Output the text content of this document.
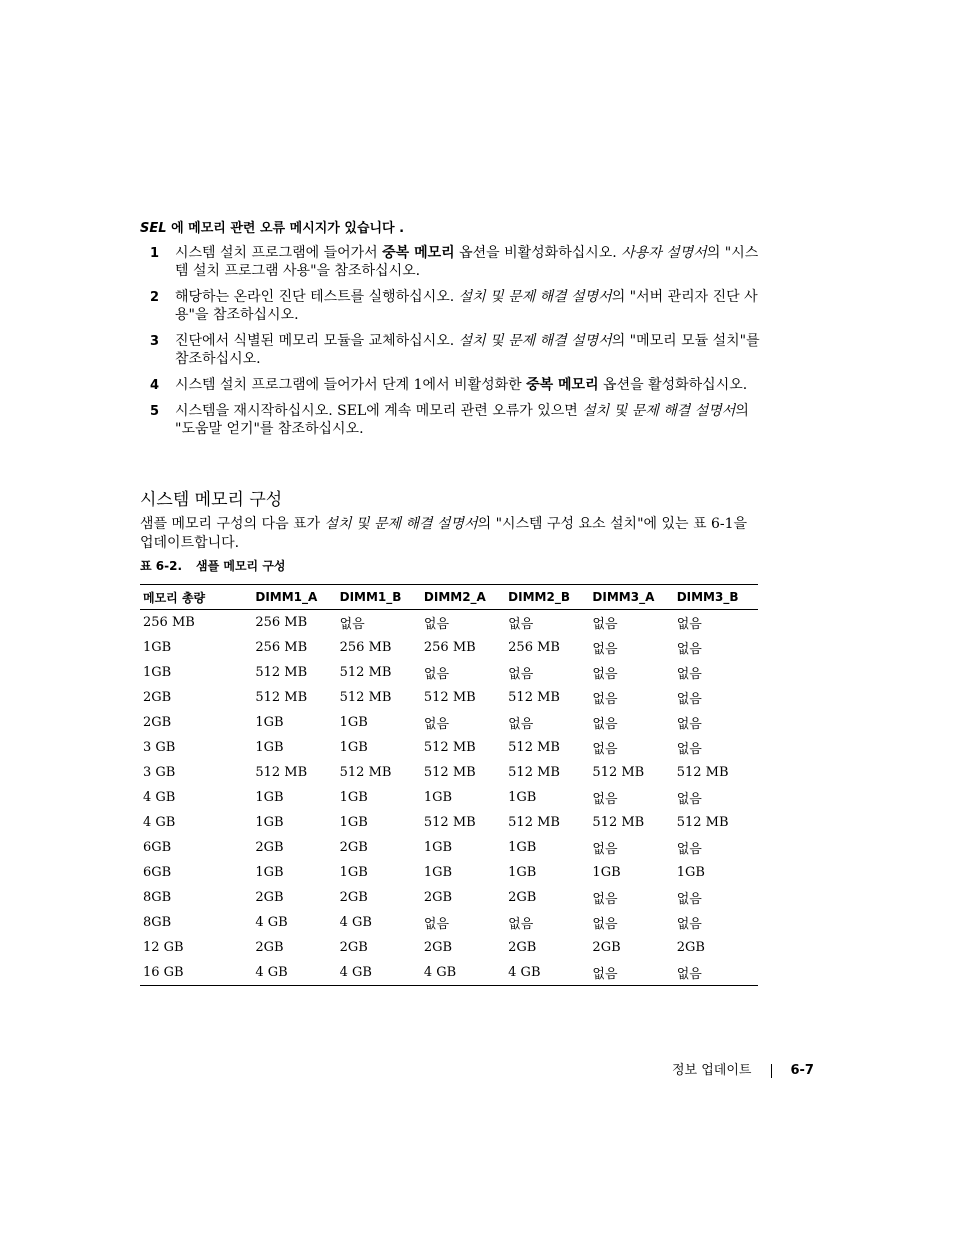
SEL 에 메모리 관련 오류 메시지가 있습니다 .
1 시스템 설치 프로그램에 들어가서 중복 메모리 옵션을 비활성화하십시오. 사용자 설명서의 "시스템 설치 프로그램 사용"을 참조하십시오.
2 해당하는 온라인 진단 테스트를 실행하십시오. 설치 및 문제 해결 설명서의 "서버 관리자 진단 사용"을 참조하십시오.
3 진단에서 식별된 메모리 모듈을 교체하십시오. 설치 및 문제 해결 설명서의 "메모리 모듈 설치"를 참조하십시오.
4 시스템 설치 프로그램에 들어가서 단계 1에서 비활성화한 중복 메모리 옵션을 활성화하십시오.
5 시스템을 재시작하십시오. SEL에 계속 메모리 관련 오류가 있으면 설치 및 문제 해결 설명서의 "도움말 얻기"를 참조하십시오.
시스템 메모리 구성

샘플 메모리 구성의 다음 표가 설치 및 문제 해결 설명서의 "시스템 구성 요소 설치"에 있는 표 6-1을 업데이트합니다.

표 6-2. 샘플 메모리 구성
메모리 총량	DIMM1_A	DIMM1_B	DIMM2_A	DIMM2_B	DIMM3_A	DIMM3_B
256 MB	256 MB	없음	없음	없음	없음	없음
1GB	256 MB	256 MB	256 MB	256 MB	없음	없음
1GB	512 MB	512 MB	없음	없음	없음	없음
2GB	512 MB	512 MB	512 MB	512 MB	없음	없음
2GB	1GB	1GB	없음	없음	없음	없음
3 GB	1GB	1GB	512 MB	512 MB	없음	없음
3 GB	512 MB	512 MB	512 MB	512 MB	512 MB	512 MB
4 GB	1GB	1GB	1GB	1GB	없음	없음
4 GB	1GB	1GB	512 MB	512 MB	512 MB	512 MB
6GB	2GB	2GB	1GB	1GB	없음	없음
6GB	1GB	1GB	1GB	1GB	1GB	1GB
8GB	2GB	2GB	2GB	2GB	없음	없음
8GB	4 GB	4 GB	없음	없음	없음	없음
12 GB	2GB	2GB	2GB	2GB	2GB	2GB
16 GB	4 GB	4 GB	4 GB	4 GB	없음	없음
정보 업데이트	6-7
